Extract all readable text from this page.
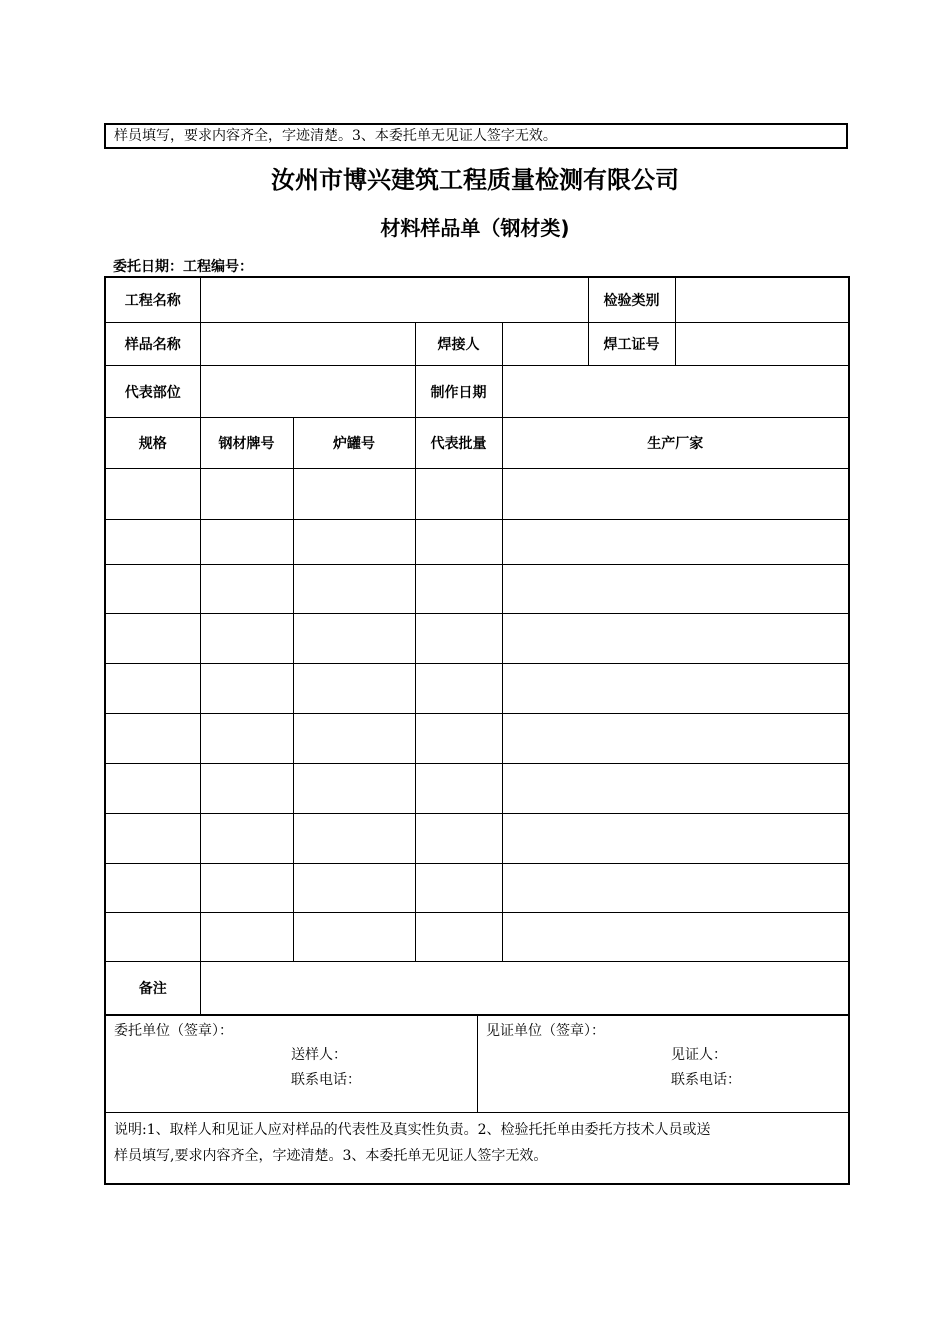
样员填写，要求内容齐全，字迹清楚。3、本委托单无见证人签字无效。
汝州市博兴建筑工程质量检测有限公司
材料样品单（钢材类)
委托日期：工程编号：
工程名称					检验类别

样品名称			焊接人		焊工证号

代表部位			制作日期		
规格	钢材牌号	炉罐号	代表批量	生产厂家	

备注					
委托单位（签章）：
送样人：
联系电话：
见证单位（签章）：
见证人：
联系电话：
说明:1、取样人和见证人应对样品的代表性及真实性负责。2、检验托托单由委托方技术人员或送
样员填写,要求内容齐全，字迹清楚。3、本委托单无见证人签字无效。
